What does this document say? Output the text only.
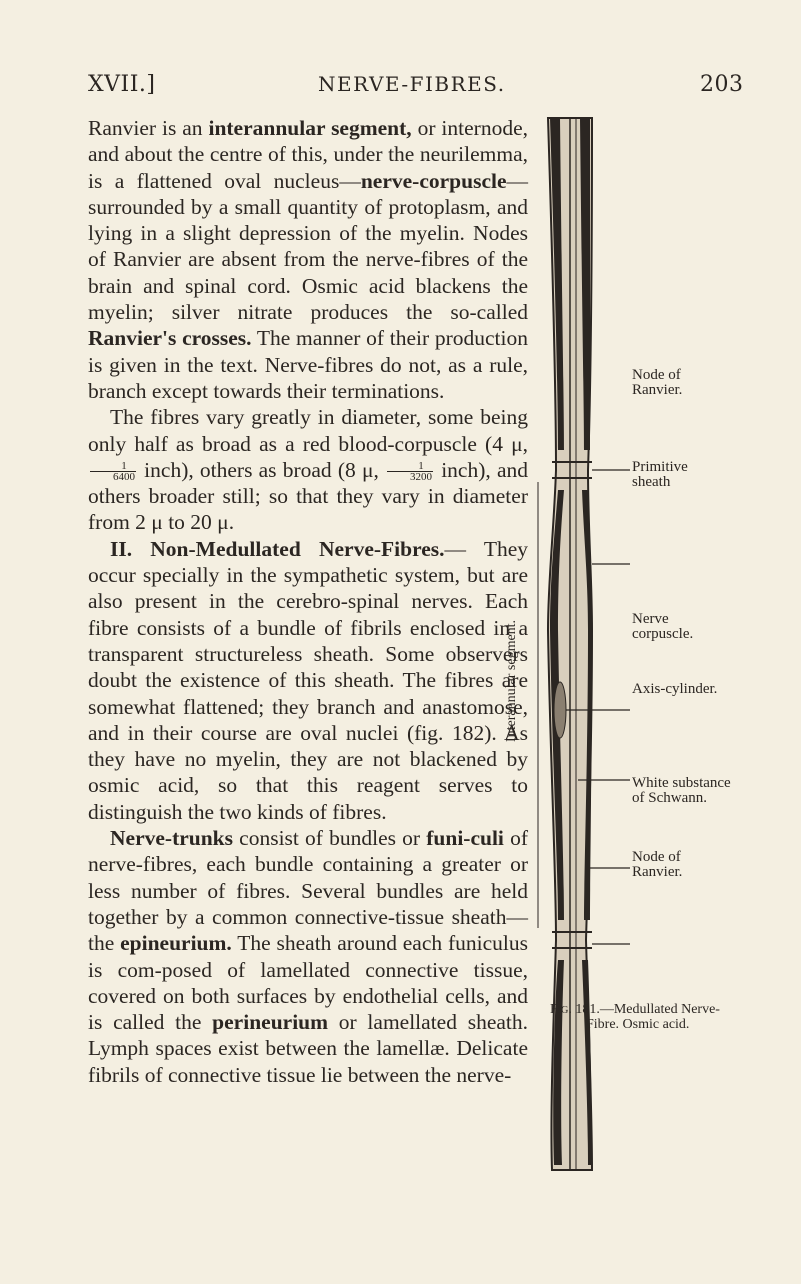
XVII.]	NERVE-FIBRES.	203

Ranvier is an interannular segment, or internode, and about the centre of this, under the neurilemma, is a flattened oval nucleus—nerve-corpuscle—surrounded by a small quantity of protoplasm, and lying in a slight depression of the myelin. Nodes of Ranvier are absent from the nerve-fibres of the brain and spinal cord. Osmic acid blackens the myelin; silver nitrate produces the so-called Ranvier's crosses. The manner of their production is given in the text. Nerve-fibres do not, as a rule, branch except towards their terminations.

The fibres vary greatly in diameter, some being only half as broad as a red blood-corpuscle (4 μ,
$\frac{1}{6400}$ inch), others as broad (8 μ, $\frac{1}{3200}$ inch), and others broader still; so that they vary in diameter from 2 μ to 20 μ.

II. Non-Medullated Nerve-Fibres.— They occur specially in the sympathetic system, but are also present in the cerebro-spinal nerves. Each fibre consists of a bundle of fibrils enclosed in a transparent structureless sheath. Some observers doubt the existence of this sheath. The fibres are somewhat flattened; they branch and anastomose, and in their course are oval nuclei (fig. 182). As they have no myelin, they are not blackened by osmic acid, so that this reagent serves to distinguish the two kinds of fibres.

Nerve-trunks consist of bundles or funi-culi of nerve-fibres, each bundle containing a greater or less number of fibres. Several bundles are held together by a common connective-tissue sheath—the epineurium. The sheath around each funiculus is com-posed of lamellated connective tissue, covered on both surfaces by endothelial cells, and is called the perineurium or lamellated sheath. Lymph spaces exist between the lamellæ. Delicate fibrils of connective tissue lie between the nerve-

Node of
Ranvier.
Primitive
sheath
Nerve
corpuscle.
Axis-cylinder.
White substance
of Schwann.
Node of
Ranvier.
Interannular segment.
Fig. 181.—Medullated Nerve-
Fibre. Osmic acid.
